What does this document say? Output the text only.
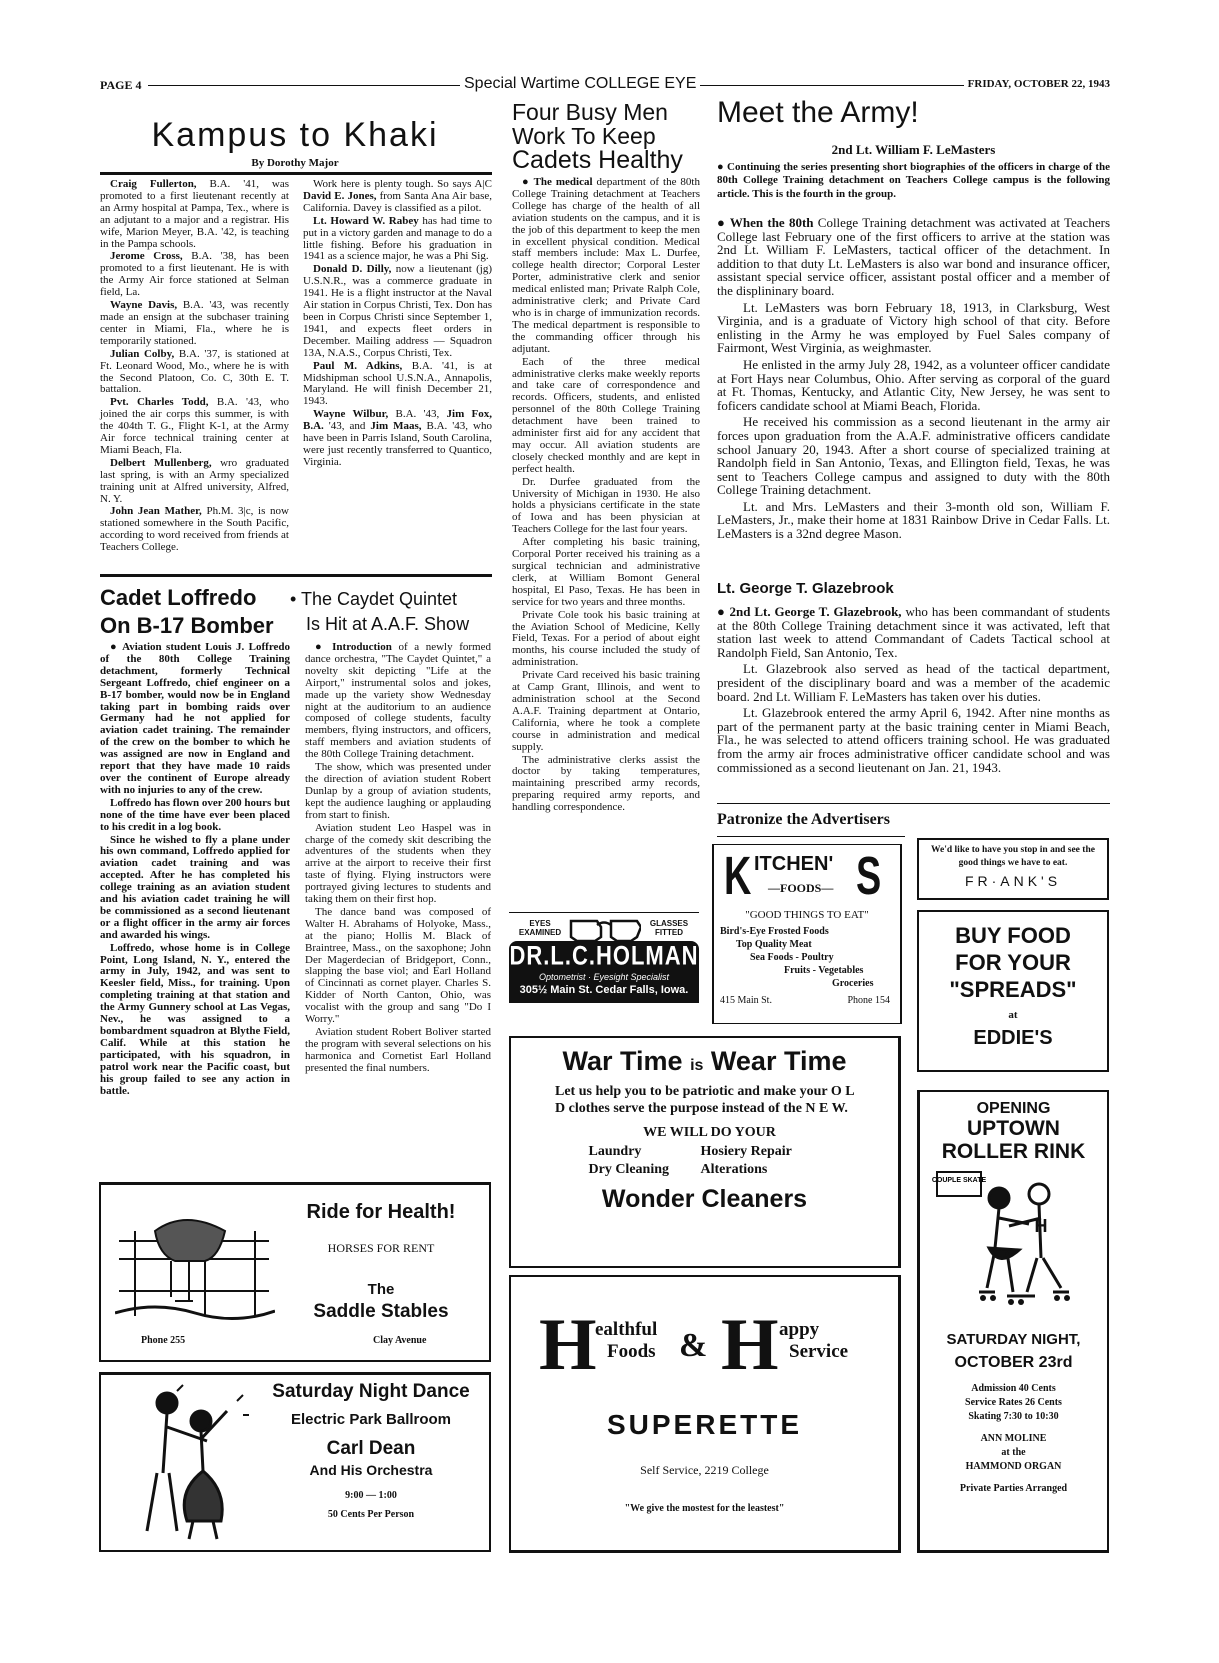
PAGE 4	Special Wartime COLLEGE EYE	FRIDAY, OCTOBER 22, 1943
Kampus to Khaki
By Dorothy Major

Craig Fullerton, B.A. '41, was promoted to a first lieutenant recently at an Army hospital at Pampa, Tex., where is an adjutant to a major and a registrar. His wife, Marion Meyer, B.A. '42, is teaching in the Pampa schools.

Jerome Cross, B.A. '38, has been promoted to a first lieutenant. He is with the Army Air force stationed at Selman field, La.

Wayne Davis, B.A. '43, was recently made an ensign at the subchaser training center in Miami, Fla., where he is temporarily stationed.

Julian Colby, B.A. '37, is stationed at Ft. Leonard Wood, Mo., where he is with the Second Platoon, Co. C, 30th E. T. battalion.

Pvt. Charles Todd, B.A. '43, who joined the air corps this summer, is with the 404th T. G., Flight K-1, at the Army Air force technical training center at Miami Beach, Fla.

Delbert Mullenberg, wro graduated last spring, is with an Army specialized training unit at Alfred university, Alfred, N. Y.

John Jean Mather, Ph.M. 3|c, is now stationed somewhere in the South Pacific, according to word received from friends at Teachers College.

Work here is plenty tough. So says A|C David E. Jones, from Santa Ana Air base, California. Davey is classified as a pilot.

Lt. Howard W. Rabey has had time to put in a victory garden and manage to do a little fishing. Before his graduation in 1941 as a science major, he was a Phi Sig.

Donald D. Dilly, now a lieutenant (jg) U.S.N.R., was a commerce graduate in 1941. He is a flight instructor at the Naval Air station in Corpus Christi, Tex. Don has been in Corpus Christi since September 1, 1941, and expects fleet orders in December. Mailing address — Squadron 13A, N.A.S., Corpus Christi, Tex.

Paul M. Adkins, B.A. '41, is at Midshipman school U.S.N.A., Annapolis, Maryland. He will finish December 21, 1943.

Wayne Wilbur, B.A. '43, Jim Fox, B.A. '43, and Jim Maas, B.A. '43, who have been in Parris Island, South Carolina, were just recently transferred to Quantico, Virginia.

Cadet Loffredo
On B-17 Bomber

● Aviation student Louis J. Loffredo of the 80th College Training detachment, formerly Technical Sergeant Loffredo, chief engineer on a B-17 bomber, would now be in England taking part in bombing raids over Germany had he not applied for aviation cadet training. The remainder of the crew on the bomber to which he was assigned are now in England and report that they have made 10 raids over the continent of Europe already with no injuries to any of the crew.

Loffredo has flown over 200 hours but none of the time have ever been placed to his credit in a log book.

Since he wished to fly a plane under his own command, Loffredo applied for aviation cadet training and was accepted. After he has completed his college training as an aviation student and his aviation cadet training he will be commissioned as a second lieutenant or a flight officer in the army air forces and awarded his wings.

Loffredo, whose home is in College Point, Long Island, N. Y., entered the army in July, 1942, and was sent to Keesler field, Miss., for training. Upon completing training at that station and the Army Gunnery school at Las Vegas, Nev., he was assigned to a bombardment squadron at Blythe Field, Calif. While at this station he participated, with his squadron, in patrol work near the Pacific coast, but his group failed to see any action in battle.

• The Caydet Quintet
Is Hit at A.A.F. Show

● Introduction of a newly formed dance orchestra, "The Caydet Quintet," a novelty skit depicting "Life at the Airport," instrumental solos and jokes, made up the variety show Wednesday night at the auditorium to an audience composed of college students, faculty members, flying instructors, and officers, staff members and aviation students of the 80th College Training detachment.

The show, which was presented under the direction of aviation student Robert Dunlap by a group of aviation students, kept the audience laughing or applauding from start to finish.

Aviation student Leo Haspel was in charge of the comedy skit describing the adventures of the students when they arrive at the airport to receive their first taste of flying. Flying instructors were portrayed giving lectures to students and taking them on their first hop.

The dance band was composed of Walter H. Abrahams of Holyoke, Mass., at the piano; Hollis M. Black of Braintree, Mass., on the saxophone; John Der Magerdecian of Bridgeport, Conn., slapping the base viol; and Earl Holland of Cincinnati as cornet player. Charles S. Kidder of North Canton, Ohio, was vocalist with the group and sang "Do I Worry."

Aviation student Robert Boliver started the program with several selections on his harmonica and Cornetist Earl Holland presented the final numbers.

Four Busy Men
Work To Keep
Cadets Healthy

● The medical department of the 80th College Training detachment at Teachers College has charge of the health of all aviation students on the campus, and it is the job of this department to keep the men in excellent physical condition. Medical staff members include: Max L. Durfee, college health director; Corporal Lester Porter, administrative clerk and senior medical enlisted man; Private Ralph Cole, administrative clerk; and Private Card who is in charge of immunization records. The medical department is responsible to the commanding officer through his adjutant.

Each of the three medical administrative clerks make weekly reports and take care of correspondence and records. Officers, students, and enlisted personnel of the 80th College Training detachment have been trained to administer first aid for any accident that may occur. All aviation students are closely checked monthly and are kept in perfect health.

Dr. Durfee graduated from the University of Michigan in 1930. He also holds a physicians certificate in the state of Iowa and has been physician at Teachers College for the last four years.

After completing his basic training, Corporal Porter received his training as a surgical technician and administrative clerk, at William Bomont General hospital, El Paso, Texas. He has been in service for two years and three months.

Private Cole took his basic training at the Aviation School of Medicine, Kelly Field, Texas. For a period of about eight months, his course included the study of administration.

Private Card received his basic training at Camp Grant, Illinois, and went to administration school at the Second A.A.F. Training department at Ontario, California, where he took a complete course in administration and medical supply.

The administrative clerks assist the doctor by taking temperatures, maintaining prescribed army records, preparing required army reports, and handling correspondence.

EYES EXAMINED
GLASSES FITTED
DR.L.C.HOLMAN
Optometrist · Eyesight Specialist
305½ Main St. Cedar Falls, Iowa.
Meet the Army!
2nd Lt. William F. LeMasters
● Continuing the series presenting short biographies of the officers in charge of the 80th College Training detachment on Teachers College campus is the following article. This is the fourth in the group.

● When the 80th College Training detachment was activated at Teachers College last February one of the first officers to arrive at the station was 2nd Lt. William F. LeMasters, tactical officer of the detachment. In addition to that duty Lt. LeMasters is also war bond and insurance officer, assistant special service officer, assistant postal officer and a member of the displininary board.

Lt. LeMasters was born February 18, 1913, in Clarksburg, West Virginia, and is a graduate of Victory high school of that city. Before enlisting in the Army he was employed by Fuel Sales company of Fairmont, West Virginia, as weighmaster.

He enlisted in the army July 28, 1942, as a volunteer officer candidate at Fort Hays near Columbus, Ohio. After serving as corporal of the guard at Ft. Thomas, Kentucky, and Atlantic City, New Jersey, he was sent to foficers candidate school at Miami Beach, Florida.

He received his commission as a second lieutenant in the army air forces upon graduation from the A.A.F. administrative officers candidate school January 20, 1943. After a short course of specialized training at Randolph field in San Antonio, Texas, and Ellington field, Texas, he was sent to Teachers College campus and assigned to duty with the 80th College Training detachment.

Lt. and Mrs. LeMasters and their 3-month old son, William F. LeMasters, Jr., make their home at 1831 Rainbow Drive in Cedar Falls. Lt. LeMasters is a 32nd degree Mason.

Lt. George T. Glazebrook

● 2nd Lt. George T. Glazebrook, who has been commandant of students at the 80th College Training detachment since it was activated, left that station last week to attend Commandant of Cadets Tactical school at Randolph Field, San Antonio, Tex.

Lt. Glazebrook also served as head of the tactical department, president of the disciplinary board and was a member of the academic board. 2nd Lt. William F. LeMasters has taken over his duties.

Lt. Glazebrook entered the army April 6, 1942. After nine months as part of the permanent party at the basic training center in Miami Beach, Fla., he was selected to attend officers training school. He was graduated from the army air froces administrative officer candidate school and was commissioned as a second lieutenant on Jan. 21, 1943.

Patronize the Advertisers
K ITCHEN'
—FOODS— S
"GOOD THINGS TO EAT"
Bird's-Eye Frosted Foods
Top Quality Meat
Sea Foods - Poultry
Fruits - Vegetables
Groceries
415 Main St.	Phone 154
We'd like to have you stop in and see the good things we have to eat.
FR·ANK'S
BUY FOOD
FOR YOUR
"SPREADS"
at
EDDIE'S
War Time is Wear Time
Let us help you to be patriotic and make your O L D clothes serve the purpose instead of the N E W.
WE WILL DO YOUR
Laundry	Hosiery Repair
Dry Cleaning	Alterations
Wonder Cleaners
H
ealthful
Foods & H appy
Service
SUPERETTE
Self Service, 2219 College
"We give the mostest for the leastest"
OPENING
UPTOWN
ROLLER RINK
COUPLE SKATE
H
SATURDAY NIGHT,
OCTOBER 23rd
Admission 40 Cents
Service Rates 26 Cents
Skating 7:30 to 10:30
ANN MOLINE
at the
HAMMOND ORGAN
Private Parties Arranged
Ride for Health!
HORSES FOR RENT
The
Saddle Stables
Phone 255	Clay Avenue
Saturday Night Dance
Electric Park Ballroom
Carl Dean
And His Orchestra
9:00 — 1:00
50 Cents Per Person
